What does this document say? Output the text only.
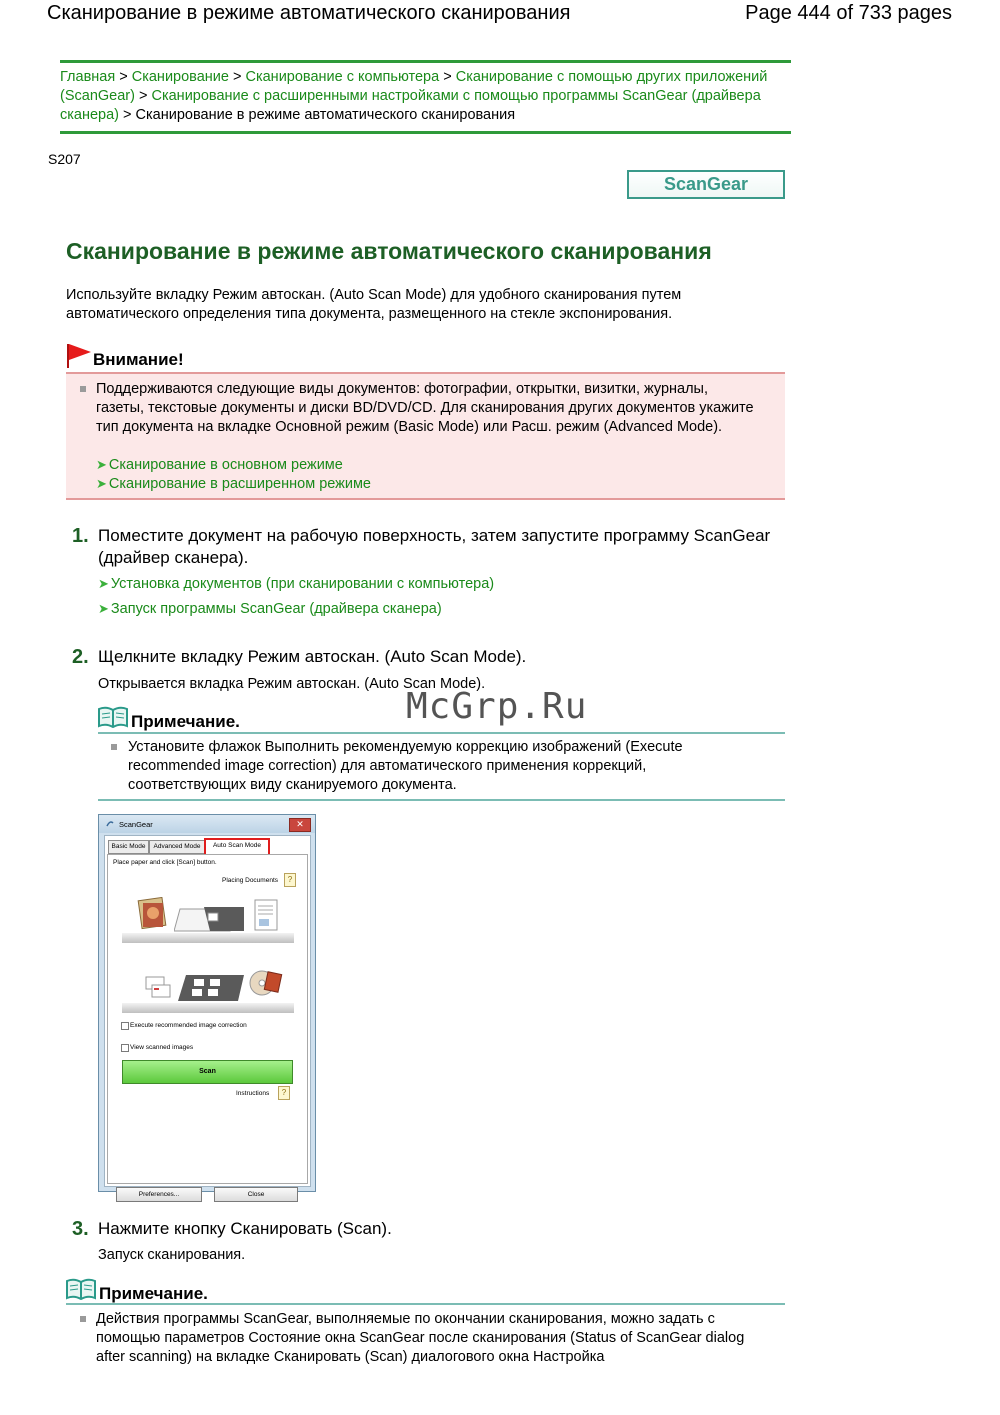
Сканирование в режиме автоматического сканирования	Page 444 of 733 pages
Главная > Сканирование > Сканирование с компьютера > Сканирование с помощью других приложений (ScanGear) > Сканирование с расширенными настройками с помощью программы ScanGear (драйвера сканера) > Сканирование в режиме автоматического сканирования
S207
ScanGear
Сканирование в режиме автоматического сканирования
Используйте вкладку Режим автоскан. (Auto Scan Mode) для удобного сканирования путем автоматического определения типа документа, размещенного на стекле экспонирования.
Внимание!
Поддерживаются следующие виды документов: фотографии, открытки, визитки, журналы, газеты, текстовые документы и диски BD/DVD/CD. Для сканирования других документов укажите тип документа на вкладке Основной режим (Basic Mode) или Расш. режим (Advanced Mode).
➤ Сканирование в основном режиме
➤ Сканирование в расширенном режиме
1. Поместите документ на рабочую поверхность, затем запустите программу ScanGear (драйвер сканера).
➤ Установка документов (при сканировании с компьютера)
➤ Запуск программы ScanGear (драйвера сканера)
2. Щелкните вкладку Режим автоскан. (Auto Scan Mode).
Открывается вкладка Режим автоскан. (Auto Scan Mode).
Примечание.
Установите флажок Выполнить рекомендуемую коррекцию изображений (Execute recommended image correction) для автоматического применения коррекций, соответствующих виду сканируемого документа.
McGrp.Ru
ScanGear	✕
Basic Mode	Advanced Mode	Auto Scan Mode
Place paper and click [Scan] button.
Placing Documents	?
Execute recommended image correction
View scanned images
Scan
Instructions	?
Preferences...	Close
3. Нажмите кнопку Сканировать (Scan).
Запуск сканирования.
Примечание.
Действия программы ScanGear, выполняемые по окончании сканирования, можно задать с помощью параметров Состояние окна ScanGear после сканирования (Status of ScanGear dialog after scanning) на вкладке Сканировать (Scan) диалогового окна Настройка
